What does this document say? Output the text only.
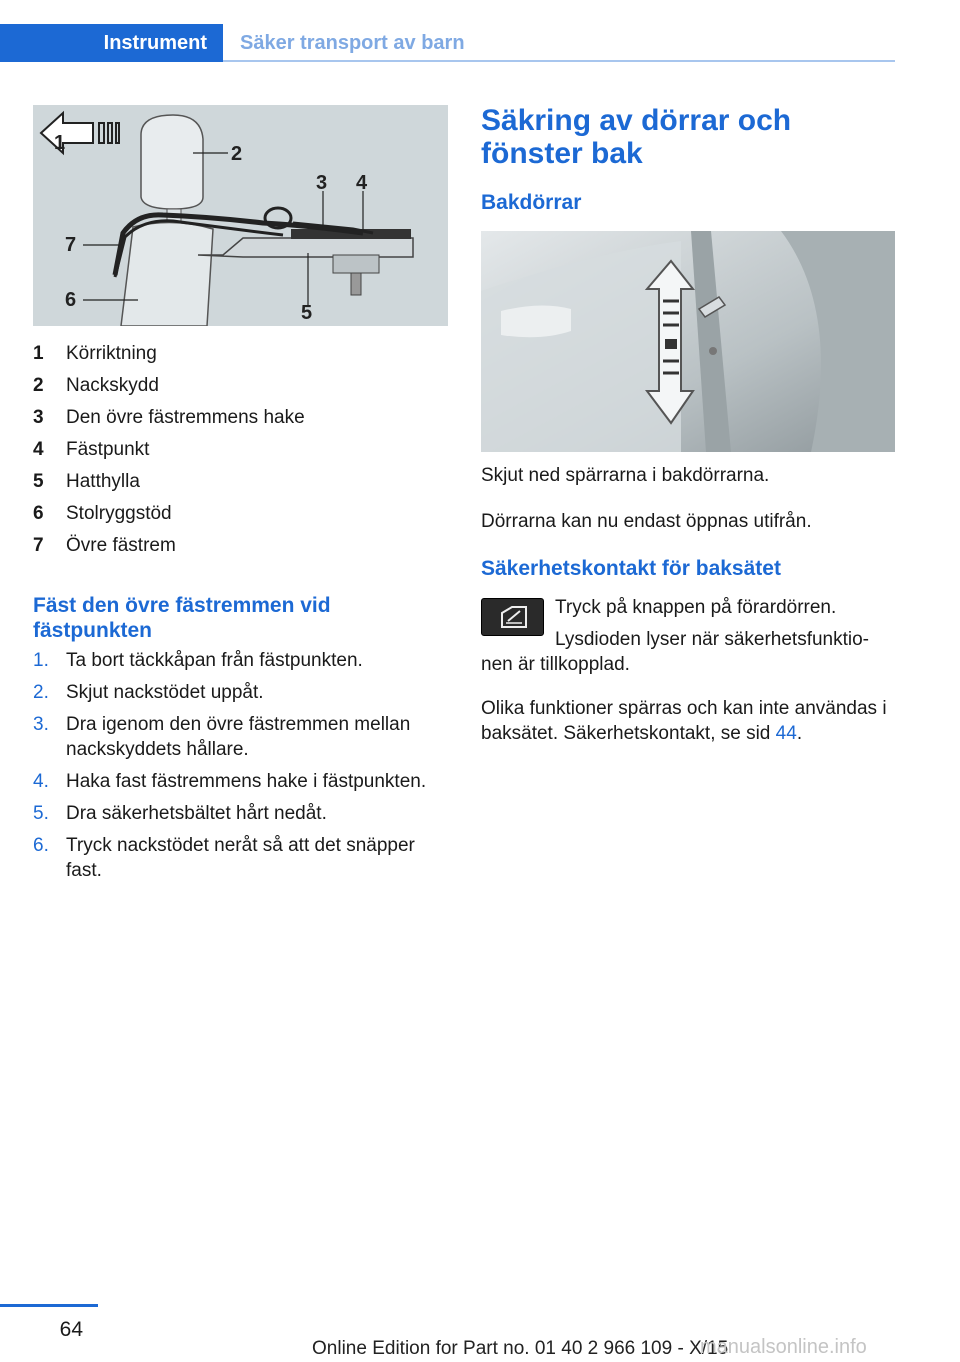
Instrument	Säker transport av barn
1	2
3 4
5
6
7
1	Körriktning
2	Nackskydd
3	Den övre fästremmens hake
4	Fästpunkt
5	Hatthylla
6	Stolryggstöd
7	Övre fästrem
Fäst den övre fästremmen vid fästpunkten
1. Ta bort täckkåpan från fästpunkten.
2. Skjut nackstödet uppåt.
3. Dra igenom den övre fästremmen mellan nackskyddets hållare.
4. Haka fast fästremmens hake i fästpunkten.
5. Dra säkerhetsbältet hårt nedåt.
6. Tryck nackstödet neråt så att det snäpper fast.
Säkring av dörrar och fönster bak
Bakdörrar

Skjut ned spärrarna i bakdörrarna.

Dörrarna kan nu endast öppnas utifrån.

Säkerhetskontakt för baksätet

Tryck på knappen på förardörren.

Lysdioden lyser när säkerhetsfunktio‐

nen är tillkopplad.

Olika funktioner spärras och kan inte användas i baksätet. Säkerhetskontakt, se sid 44.

64
Online Edition for Part no. 01 40 2 966 109 - X/15
manualsonline.info
